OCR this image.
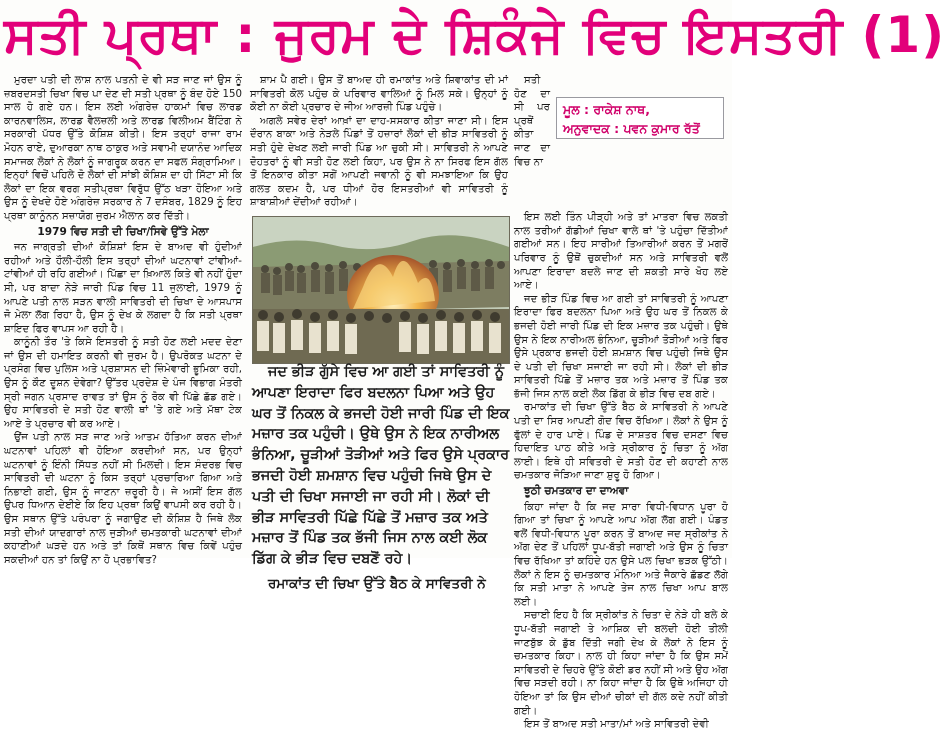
ਸਤੀ ਪ੍ਰਥਾ : ਜੁਰਮ ਦੇ ਸ਼ਿਕੰਜੇ ਵਿਚ ਇਸਤਰੀ (1)

ਮੁਰਦਾ ਪਤੀ ਦੀ ਲਾਸ਼ ਨਾਲ ਪਤਨੀ ਦੇ ਵੀ ਸੜ ਜਾਣ ਜਾਂ ਉਸ ਨੂੰ ਜ਼ਬਰਦਸਤੀ ਚਿਖਾ ਵਿਚ ਪਾ ਦੇਣ ਦੀ ਸਤੀ ਪ੍ਰਥਾ ਨੂੰ ਬੰਦ ਹੋਏ 150 ਸਾਲ ਹੋ ਗਏ ਹਨ। ਇਸ ਲਈ ਅੰਗਰੇਜ਼ ਹਾਕਮਾਂ ਵਿਚ ਲਾਰਡ ਕਾਰਨਵਾਲਿਸ, ਲਾਰਡ ਵੈਲਜ਼ਲੀ ਅਤੇ ਲਾਰਡ ਵਿਲੀਅਮ ਬੈਂਟਿੰਗ ਨੇ ਸਰਕਾਰੀ ਪੱਧਰ ਉੱਤੇ ਕੋਸ਼ਿਸ਼ ਕੀਤੀ। ਇਸ ਤਰ੍ਹਾਂ ਰਾਜਾ ਰਾਮ ਮੋਹਨ ਰਾਏ, ਦੁਆਰਕਾ ਨਾਥ ਠਾਕੁਰ ਅਤੇ ਸਵਾਮੀ ਦਯਾਨੰਦ ਆਦਿਕ ਸਮਾਜਕ ਲੋਕਾਂ ਨੇ ਲੋਕਾਂ ਨੂੰ ਜਾਗਰੂਕ ਕਰਨ ਦਾ ਸਫਲ ਸੰਗ੍ਰਾਮਿਆ। ਇਨ੍ਹਾਂ ਵਿਚੋਂ ਪਹਿਲੇ ਦੋ ਲੋਕਾਂ ਦੀ ਸਾਂਝੀ ਕੋਸ਼ਿਸ਼ ਦਾ ਹੀ ਸਿੱਟਾ ਸੀ ਕਿ ਲੋਕਾਂ ਦਾ ਇਕ ਵਰਗ ਸਤੀਪ੍ਰਥਾ ਵਿਰੁੱਧ ਉੱਠ ਖੜਾ ਹੋਇਆ ਅਤੇ ਉਸ ਨੂੰ ਦੇਖਦੇ ਹੋਏ ਅੰਗਰੇਜ਼ ਸਰਕਾਰ ਨੇ 7 ਦਸੰਬਰ, 1829 ਨੂੰ ਇਹ ਪ੍ਰਥਾ ਕਾਨੂੰਨਨ ਸਜ਼ਾਯੋਗ ਜੁਰਮ ਐਲਾਨ ਕਰ ਦਿੱਤੀ।

1979 ਵਿਚ ਸਤੀ ਦੀ ਚਿਖਾ/ਸਿਵੇ ਉੱਤੇ ਮੇਲਾ

ਜਨ ਜਾਗ੍ਰਤੀ ਦੀਆਂ ਕੋਸ਼ਿਸ਼ਾਂ ਇਸ ਦੇ ਬਾਅਦ ਵੀ ਹੁੰਦੀਆਂ ਰਹੀਆਂ ਅਤੇ ਹੌਲੀ-ਹੌਲੀ ਇਸ ਤਰ੍ਹਾਂ ਦੀਆਂ ਘਟਨਾਵਾਂ ਟਾਂਵੀਆਂ-ਟਾਂਵੀਆਂ ਹੀ ਰਹਿ ਗਈਆਂ। ਪਿੱਛਾ ਦਾ ਖ਼ਿਆਲ ਕਿਤੇ ਵੀ ਨਹੀਂ ਹੁੰਦਾ ਸੀ, ਪਰ ਬਾਦਾ ਨੇੜੇ ਜਾਰੀ ਪਿੰਡ ਵਿਚ 11 ਜੁਲਾਈ, 1979 ਨੂੰ ਆਪਣੇ ਪਤੀ ਨਾਲ ਸੜਨ ਵਾਲੀ ਸਾਵਿਤਰੀ ਦੀ ਚਿਖਾ ਦੇ ਆਸਪਾਸ ਜੋ ਮੇਲਾ ਲੱਗ ਰਿਹਾ ਹੈ, ਉਸ ਨੂੰ ਦੇਖ ਕੇ ਲਗਦਾ ਹੈ ਕਿ ਸਤੀ ਪ੍ਰਥਾ ਸ਼ਾਇਦ ਫਿਰ ਵਾਪਸ ਆ ਰਹੀ ਹੈ।

ਕਾਨੂੰਨੀ ਤੌਰ 'ਤੇ ਕਿਸੇ ਇਸਤਰੀ ਨੂੰ ਸਤੀ ਹੋਣ ਲਈ ਮਦਦ ਦੇਣਾ ਜਾਂ ਉਸ ਦੀ ਹਮਾਇਤ ਕਰਨੀ ਵੀ ਜੁਰਮ ਹੈ। ਉਪਰੋਕਤ ਘਟਨਾ ਦੇ ਪ੍ਰਸੰਗ ਵਿਚ ਪੁਲਿਸ ਅਤੇ ਪ੍ਰਸ਼ਾਸਨ ਦੀ ਜ਼ਿੰਮੇਵਾਰੀ ਭੂਮਿਕਾ ਰਹੀ, ਉਸ ਨੂੰ ਕੌਣ ਦੂਸ਼ਨ ਦੇਵੇਗਾ? ਉੱਤਰ ਪ੍ਰਦੇਸ਼ ਦੇ ਪੰਜ ਵਿਭਾਗ ਮੰਤਰੀ ਸ੍ਰੀ ਜਗਨ ਪ੍ਰਸਾਦ ਰਾਵਤ ਤਾਂ ਉਸ ਨੂੰ ਰੋਕ ਵੀ ਪਿੱਛੇ ਛੱਡ ਗਏ। ਉਹ ਸਾਵਿਤਰੀ ਦੇ ਸਤੀ ਹੋਣ ਵਾਲੀ ਥਾਂ 'ਤੇ ਗਏ ਅਤੇ ਮੱਥਾ ਟੇਕ ਆਏ ਤੇ ਪ੍ਰਚਾਰ ਵੀ ਕਰ ਆਏ।

ਉਂਜ ਪਤੀ ਨਾਲ ਸੜ ਜਾਣ ਅਤੇ ਆਤਮ ਹੱਤਿਆ ਕਰਨ ਦੀਆਂ ਘਟਨਾਵਾਂ ਪਹਿਲਾਂ ਵੀ ਹੋਇਆ ਕਰਦੀਆਂ ਸਨ, ਪਰ ਉਨ੍ਹਾਂ ਘਟਨਾਵਾਂ ਨੂੰ ਇੰਨੀ ਸਿੱਧਤ ਨਹੀਂ ਸੀ ਮਿਲਦੀ। ਇਸ ਸੰਦਰਭ ਵਿਚ ਸਾਵਿਤਰੀ ਦੀ ਘਟਨਾ ਨੂੰ ਕਿਸ ਤਰ੍ਹਾਂ ਪ੍ਰਚਾਰਿਆ ਗਿਆ ਅਤੇ ਨਿਭਾਈ ਗਈ, ਉਸ ਨੂੰ ਜਾਣਨਾ ਜ਼ਰੂਰੀ ਹੈ। ਜੇ ਅਸੀਂ ਇਸ ਗੱਲ ਉਪਰ ਧਿਆਨ ਦੇਈਏ ਕਿ ਇਹ ਪ੍ਰਥਾ ਕਿਉਂ ਵਾਪਸੀ ਕਰ ਰਹੀ ਹੈ। ਉਸ ਸਥਾਨ ਉੱਤੇ ਪਰੰਪਰਾ ਨੂੰ ਜਗਾਉਣ ਦੀ ਕੋਸ਼ਿਸ਼ ਹੈ ਜਿਥੇ ਲੋਕ ਸਤੀ ਦੀਆਂ ਯਾਦਗਾਰਾਂ ਨਾਲ ਜੁੜੀਆਂ ਚਮਤਕਾਰੀ ਘਟਨਾਵਾਂ ਦੀਆਂ ਕਹਾਣੀਆਂ ਘੜਦੇ ਹਨ ਅਤੇ ਤਾਂ ਕਿਥੋਂ ਸਥਾਨ ਵਿਚ ਕਿਵੇਂ ਪਹੁੰਚ ਸਕਦੀਆਂ ਹਨ ਤਾਂ ਕਿਉਂ ਨਾ ਹੋ ਪ੍ਰਭਾਵਿਤ?

ਸ਼ਾਮ ਪੈ ਗਈ। ਉਸ ਤੋਂ ਬਾਅਦ ਹੀ ਰਮਾਕਾਂਤ ਅਤੇ ਸ਼ਿਵਾਕਾਂਤ ਦੀ ਮਾਂ ਸਾਵਿਤਰੀ ਕੋਲ ਪਹੁੰਚ ਕੇ ਪਰਿਵਾਰ ਵਾਲਿਆਂ ਨੂੰ ਮਿਲ ਸਕੇ। ਉਨ੍ਹਾਂ ਨੂੰ ਕੋਈ ਨਾ ਕੋਈ ਪ੍ਰਚਾਰ ਦੇ ਜੀਅ ਆਰਜ਼ੀ ਪਿੰਡ ਪਹੁੰਚੇ।

ਅਗਲੇ ਸਵੇਰ ਦੇਰਾਂ ਆਖ਼ਾਂ ਦਾ ਦਾਹ-ਸਸਕਾਰ ਕੀਤਾ ਜਾਣਾ ਸੀ। ਇਸ ਦੌਰਾਨ ਬਾਕਾ ਅਤੇ ਨੇੜਲੇ ਪਿੰਡਾਂ ਤੋਂ ਹਜ਼ਾਰਾਂ ਲੋਕਾਂ ਦੀ ਭੀੜ ਸਾਵਿਤਰੀ ਨੂੰ ਸਤੀ ਹੁੰਦੇ ਦੇਖਣ ਲਈ ਜਾਰੀ ਪਿੰਡ ਆ ਚੁਕੀ ਸੀ। ਸਾਵਿਤਰੀ ਨੇ ਆਪਣੇ ਦੋਹਤਰਾਂ ਨੂੰ ਵੀ ਸਤੀ ਹੋਣ ਲਈ ਕਿਹਾ, ਪਰ ਉਸ ਨੇ ਨਾ ਸਿਰਫ ਇਸ ਗੱਲ ਤੋਂ ਇਨਕਾਰ ਕੀਤਾ ਸਗੋਂ ਆਪਣੀ ਜਵਾਨੀ ਨੂੰ ਵੀ ਸਮਝਾਇਆ ਕਿ ਉਹ ਗਲਤ ਕਦਮ ਹੈ, ਪਰ ਧੀਆਂ ਹੋਰ ਇਸਤਰੀਆਂ ਵੀ ਸਾਵਿਤਰੀ ਨੂੰ ਸ਼ਾਬਾਸ਼ੀਆਂ ਦੇਂਦੀਆਂ ਰਹੀਆਂ।

ਜਦ ਭੀੜ ਗੁੱਸੇ ਵਿਚ ਆ ਗਈ ਤਾਂ ਸਾਵਿਤਰੀ ਨੂੰ ਆਪਣਾ ਇਰਾਦਾ ਫਿਰ ਬਦਲਨਾ ਪਿਆ ਅਤੇ ਉਹ ਘਰ ਤੋਂ ਨਿਕਲ ਕੇ ਭਜਦੀ ਹੋਈ ਜਾਰੀ ਪਿੰਡ ਦੀ ਇਕ ਮਜ਼ਾਰ ਤਕ ਪਹੁੰਚੀ। ਉਥੇ ਉਸ ਨੇ ਇਕ ਨਾਰੀਅਲ ਭੰਨਿਆ, ਚੂੜੀਆਂ ਤੋੜੀਆਂ ਅਤੇ ਫਿਰ ਉਸੇ ਪ੍ਰਕਾਰ ਭਜਦੀ ਹੋਈ ਸ਼ਮਸ਼ਾਨ ਵਿਚ ਪਹੁੰਚੀ ਜਿਥੇ ਉਸ ਦੇ ਪਤੀ ਦੀ ਚਿਖਾ ਸਜਾਈ ਜਾ ਰਹੀ ਸੀ। ਲੋਕਾਂ ਦੀ ਭੀੜ ਸਾਵਿਤਰੀ ਪਿੱਛੇ ਪਿੱਛੇ ਤੋਂ ਮਜ਼ਾਰ ਤਕ ਅਤੇ ਮਜ਼ਾਰ ਤੋਂ ਪਿੰਡ ਤਕ ਭੱਜੀ ਜਿਸ ਨਾਲ ਕਈ ਲੋਕ ਡਿੱਗ ਕੇ ਭੀੜ ਵਿਚ ਦਬਣੋਂ ਰਹੇ।

ਰਮਾਕਾਂਤ ਦੀ ਚਿਖਾ ਉੱਤੇ ਬੈਠ ਕੇ ਸਾਵਿਤਰੀ ਨੇ

ਸਤੀ ਹੋਣ ਦਾ ਸੀ ਪਰ ਪ੍ਰਥੋਂ ਕੀਤਾ ਜਾਣ ਦਾ ਵਿਚ ਨਾ

ਇਸ ਲਈ ਤਿੰਨ ਪੀੜ੍ਹੀ ਅਤੇ ਤਾਂ ਮਾਤਰਾ ਵਿਚ ਲਕਤੀ ਨਾਲ ਤਰੀਆਂ ਗੱਡੀਆਂ ਚਿਖਾ ਵਾਲੇ ਥਾਂ 'ਤੇ ਪਹੁੰਚਾ ਦਿੱਤੀਆਂ ਗਈਆਂ ਸਨ। ਇਹ ਸਾਰੀਆਂ ਤਿਆਰੀਆਂ ਕਰਨ ਤੋਂ ਮਗਰੋਂ ਪਰਿਵਾਰ ਨੂੰ ਉਥੋਂ ਚੁਕਦੀਆਂ ਸਨ ਅਤੇ ਸਾਵਿਤਰੀ ਵਲੋਂ ਆਪਣਾ ਇਰਾਦਾ ਬਦਲੇ ਜਾਣ ਦੀ ਸ਼ਕਤੀ ਸਾਰੇ ਖੋਹ ਲਏ ਆਏ।

ਜਦ ਭੀੜ ਪਿੰਡ ਵਿਚ ਆ ਗਈ ਤਾਂ ਸਾਵਿਤਰੀ ਨੂੰ ਆਪਣਾ ਇਰਾਦਾ ਫਿਰ ਬਦਲਨਾ ਪਿਆ ਅਤੇ ਉਹ ਘਰ ਤੋਂ ਨਿਕਲ ਕੇ ਭਜਦੀ ਹੋਈ ਜਾਰੀ ਪਿੰਡ ਦੀ ਇਕ ਮਜ਼ਾਰ ਤਕ ਪਹੁੰਚੀ। ਉਥੇ ਉਸ ਨੇ ਇਕ ਨਾਰੀਅਲ ਭੰਨਿਆ, ਚੂੜੀਆਂ ਤੋੜੀਆਂ ਅਤੇ ਫਿਰ ਉਸੇ ਪ੍ਰਕਾਰ ਭਜਦੀ ਹੋਈ ਸ਼ਮਸ਼ਾਨ ਵਿਚ ਪਹੁੰਚੀ ਜਿਥੇ ਉਸ ਦੇ ਪਤੀ ਦੀ ਚਿਖਾ ਸਜਾਈ ਜਾ ਰਹੀ ਸੀ। ਲੋਕਾਂ ਦੀ ਭੀੜ ਸਾਵਿਤਰੀ ਪਿੱਛੇ ਤੋਂ ਮਜ਼ਾਰ ਤਕ ਅਤੇ ਮਜ਼ਾਰ ਤੋਂ ਪਿੰਡ ਤਕ ਭੱਜੀ ਜਿਸ ਨਾਲ ਕਈ ਲੋਕ ਡਿੱਗ ਕੇ ਭੀੜ ਵਿਚ ਦਬ ਗਏ।

ਰਮਾਕਾਂਤ ਦੀ ਚਿਖਾ ਉੱਤੇ ਬੈਠ ਕੇ ਸਾਵਿਤਰੀ ਨੇ ਆਪਣੇ ਪਤੀ ਦਾ ਸਿਰ ਆਪਣੀ ਗੋਦ ਵਿਚ ਰੱਖਿਆ। ਲੋਕਾਂ ਨੇ ਉਸ ਨੂੰ ਫੁੱਲਾਂ ਦੇ ਹਾਰ ਪਾਏ। ਪਿੰਡ ਦੇ ਸਾਸ਼ਤਰ ਵਿਚ ਦਸਣਾ ਵਿਚ ਹਿਦਾਇਤ ਪਾਠ ਕੀਤੇ ਅਤੇ ਸ੍ਰੀਕਾਰ ਨੂੰ ਚਿਤਾ ਨੂੰ ਅੱਗ ਲਾਈ। ਇਥੇ ਹੀ ਸਵਿਤਰੀ ਦੇ ਸਤੀ ਹੋਣ ਦੀ ਕਹਾਣੀ ਨਾਲ ਚਮਤਕਾਰ ਜੋੜਿਆ ਜਾਣਾ ਸ਼ੁਰੂ ਹੋ ਗਿਆ।

ਝੂਠੀ ਚਮਤਕਾਰ ਦਾ ਦਾਅਵਾ

ਕਿਹਾ ਜਾਂਦਾ ਹੈ ਕਿ ਜਦ ਸਾਰਾ ਵਿਧੀ-ਵਿਧਾਨ ਪੂਰਾ ਹੋ ਗਿਆ ਤਾਂ ਚਿਖਾ ਨੂੰ ਆਪਣੇ ਆਪ ਅੱਗ ਲੱਗ ਗਈ। ਪੰਡਤ ਵਲੋਂ ਵਿਧੀ-ਵਿਧਾਨ ਪੂਰਾ ਕਰਨ ਤੋਂ ਬਾਅਦ ਜਦ ਸ੍ਰੀਕਾਂਤ ਨੇ ਅੱਗ ਦੇਣ ਤੋਂ ਪਹਿਲਾਂ ਧੂਪ-ਬੱਤੀ ਜਗਾਈ ਅਤੇ ਉਸ ਨੂੰ ਚਿਤਾ ਵਿਚ ਰੱਖਿਆ ਤਾਂ ਕਹਿੰਦੇ ਹਨ ਉਸੇ ਪਲ ਚਿਖਾ ਭੜਕ ਉੱਠੀ। ਲੋਕਾਂ ਨੇ ਇਸ ਨੂੰ ਚਮਤਕਾਰ ਮੰਨਿਆ ਅਤੇ ਜੈਕਾਰੇ ਛੱਡਣ ਲੱਗੇ ਕਿ ਸਤੀ ਮਾਤਾ ਨੇ ਆਪਣੇ ਤੇਜ ਨਾਲ ਚਿਖਾ ਆਪ ਬਾਲ ਲਈ।

ਸਚਾਈ ਇਹ ਹੈ ਕਿ ਸ੍ਰੀਕਾਂਤ ਨੇ ਚਿਤਾ ਦੇ ਨੇੜੇ ਹੀ ਬਲੇ ਕੇ ਧੂਪ-ਬੱਤੀ ਜਗਾਈ ਤੇ ਆਸ਼ਿਕ ਦੀ ਬਲਦੀ ਹੋਈ ਤੀਲੀ ਜਾਣਬੁੱਝ ਕੇ ਡੁੱਬ ਦਿੱਤੀ ਜਗੀ ਦੇਖ ਕੇ ਲੋਕਾਂ ਨੇ ਇਸ ਨੂੰ ਚਮਤਕਾਰ ਕਿਹਾ। ਨਾਲ ਹੀ ਕਿਹਾ ਜਾਂਦਾ ਹੈ ਕਿ ਉਸ ਸਮੇਂ ਸਾਵਿਤਰੀ ਦੇ ਚਿਹਰੇ ਉੱਤੇ ਕੋਈ ਡਰ ਨਹੀਂ ਸੀ ਅਤੇ ਉਹ ਅੱਗ ਵਿਚ ਸੜਦੀ ਰਹੀ। ਨਾ ਕਿਹਾ ਜਾਂਦਾ ਹੈ ਕਿ ਉਥੇ ਅਜਿਹਾ ਹੀ ਹੋਇਆ ਤਾਂ ਕਿ ਉਸ ਦੀਆਂ ਚੀਕਾਂ ਦੀ ਗੱਲ ਕਦੇ ਨਹੀਂ ਕੀਤੀ ਗਈ।

ਇਸ ਤੋਂ ਬਾਅਦ ਸਤੀ ਮਾਤਾ/ਮਾਂ ਅਤੇ ਸਾਵਿਤਰੀ ਦੇਵੀ

ਮੂਲ : ਰਾਕੇਸ਼ ਨਾਥ,
ਅਨੁਵਾਦਕ : ਪਵਨ ਕੁਮਾਰ ਰੱਤੋਂ
